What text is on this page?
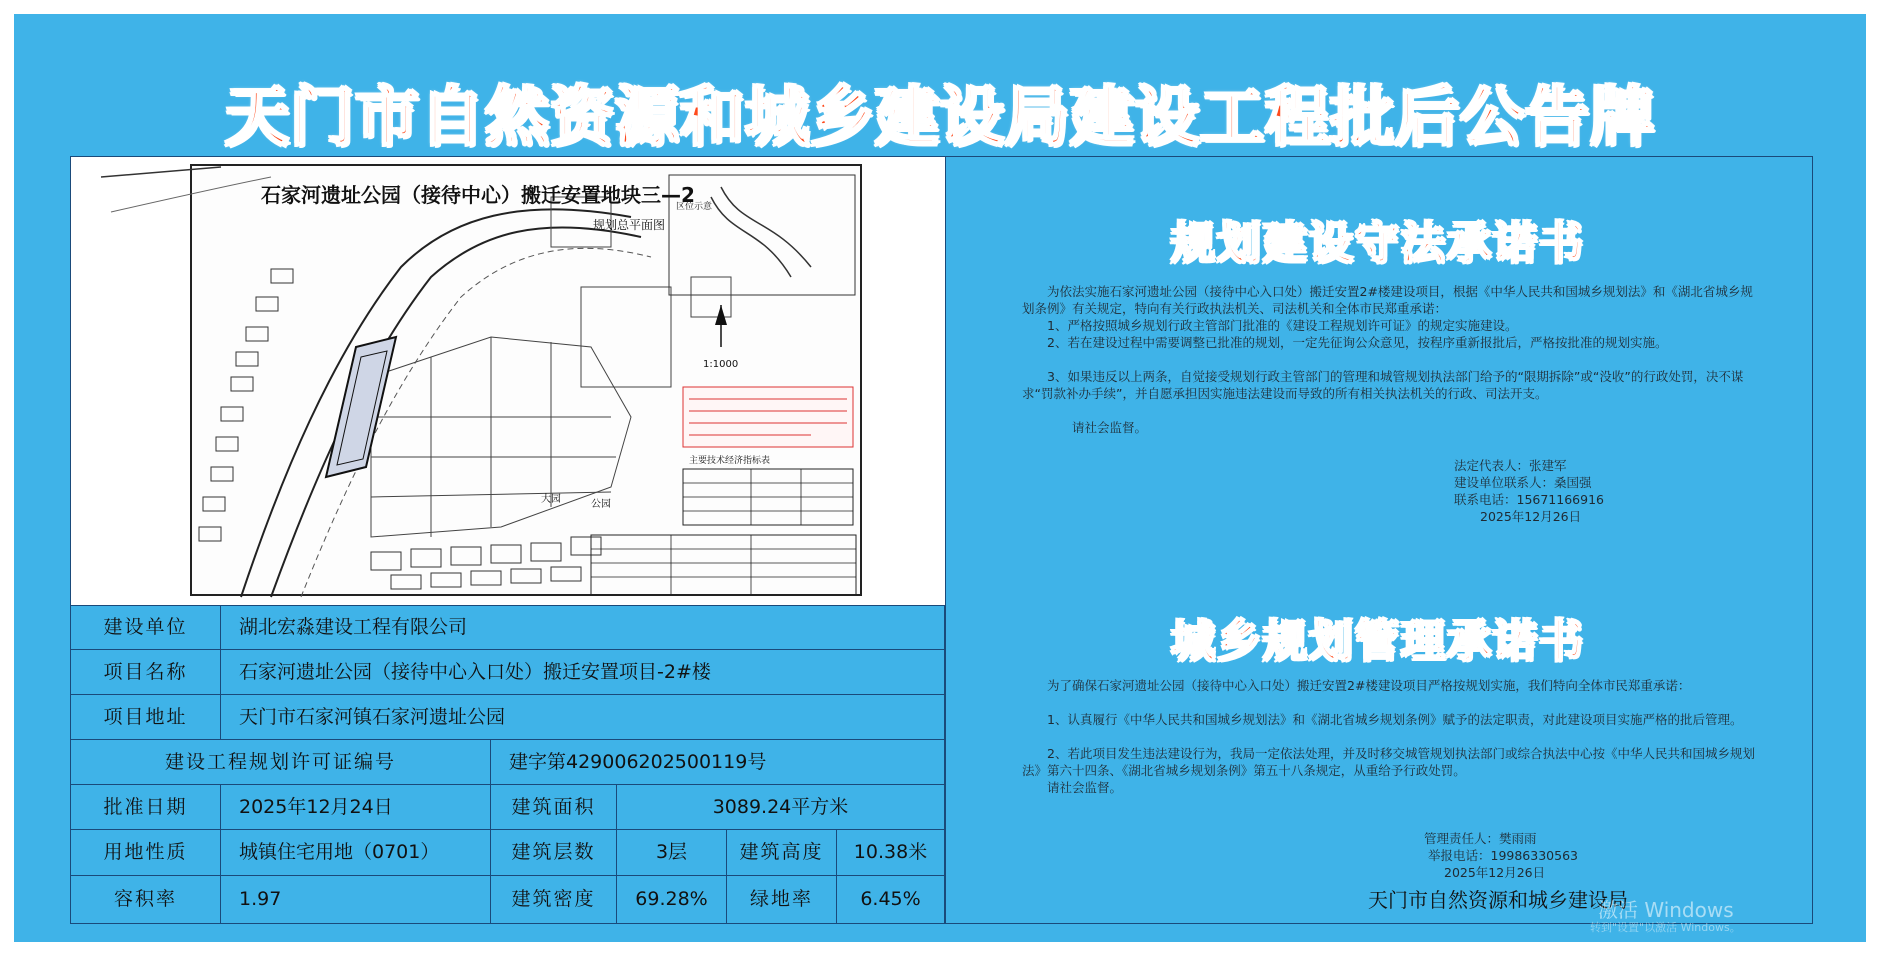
天门市自然资源和城乡建设局建设工程批后公告牌
区位示意
1:1000
主要技术经济指标表
石家河遗址公园（接待中心）搬迁安置地块三—2
规划总平面图
大园	公园
建设单位	湖北宏淼建设工程有限公司
项目名称	石家河遗址公园（接待中心入口处）搬迁安置项目-2#楼
项目地址	天门市石家河镇石家河遗址公园
建设工程规划许可证编号	建字第429006202500119号
批准日期	2025年12月24日	建筑面积	3089.24平方米
用地性质	城镇住宅用地（0701）	建筑层数	3层	建筑高度	10.38米
容积率	1.97	建筑密度	69.28%	绿地率	6.45%
规划建设守法承诺书

为依法实施石家河遗址公园（接待中心入口处）搬迁安置2#楼建设项目，根据《中华人民共和国城乡规划法》和《湖北省城乡规划条例》有关规定，特向有关行政执法机关、司法机关和全体市民郑重承诺：

1、严格按照城乡规划行政主管部门批准的《建设工程规划许可证》的规定实施建设。

2、若在建设过程中需要调整已批准的规划，一定先征询公众意见，按程序重新报批后，严格按批准的规划实施。

3、如果违反以上两条，自觉接受规划行政主管部门的管理和城管规划执法部门给予的“限期拆除”或“没收”的行政处罚，决不谋求“罚款补办手续”，并自愿承担因实施违法建设而导致的所有相关执法机关的行政、司法开支。

请社会监督。

法定代表人：张建军
建设单位联系人：桑国强
联系电话：15671166916
2025年12月26日
城乡规划管理承诺书

为了确保石家河遗址公园（接待中心入口处）搬迁安置2#楼建设项目严格按规划实施，我们特向全体市民郑重承诺：

1、认真履行《中华人民共和国城乡规划法》和《湖北省城乡规划条例》赋予的法定职责，对此建设项目实施严格的批后管理。

2、若此项目发生违法建设行为，我局一定依法处理，并及时移交城管规划执法部门或综合执法中心按《中华人民共和国城乡规划法》第六十四条、《湖北省城乡规划条例》第五十八条规定，从重给予行政处罚。

请社会监督。

管理责任人：樊雨雨
举报电话：19986330563
2025年12月26日
天门市自然资源和城乡建设局
激活 Windows
转到"设置"以激活 Windows。
